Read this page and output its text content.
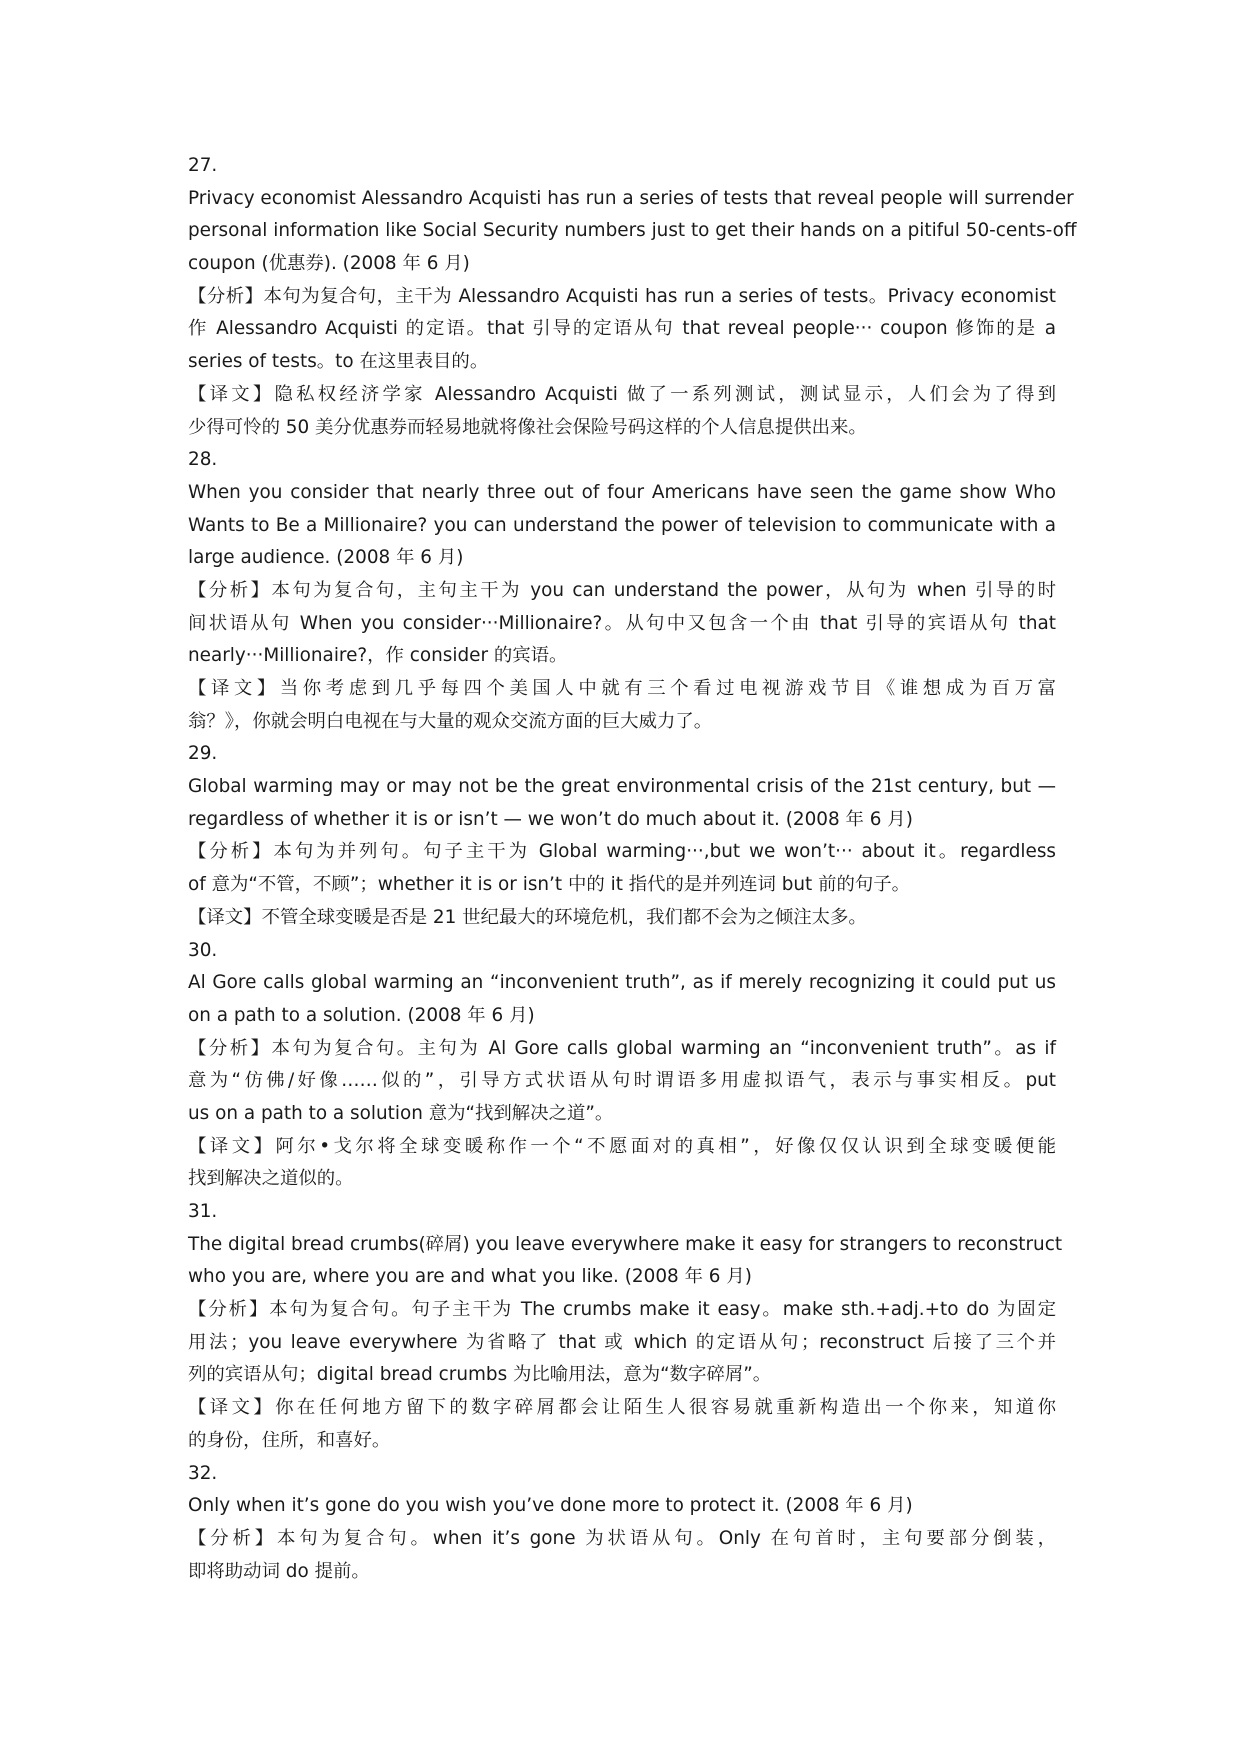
27.
Privacy economist Alessandro Acquisti has run a series of tests that reveal people will surrender
personal information like Social Security numbers just to get their hands on a pitiful 50-cents-off
coupon (优惠券). (2008 年 6 月)
【分析】本句为复合句，主干为 Alessandro Acquisti has run a series of tests。Privacy economist
作 Alessandro Acquisti 的定语。that 引导的定语从句 that reveal people··· coupon 修饰的是 a
series of tests。to 在这里表目的。
【译文】隐私权经济学家 Alessandro Acquisti 做了一系列测试，测试显示，人们会为了得到
少得可怜的 50 美分优惠券而轻易地就将像社会保险号码这样的个人信息提供出来。
28.
When you consider that nearly three out of four Americans have seen the game show Who
Wants to Be a Millionaire? you can understand the power of television to communicate with a
large audience. (2008 年 6 月)
【分析】本句为复合句，主句主干为 you can understand the power，从句为 when 引导的时
间状语从句 When you consider···Millionaire?。从句中又包含一个由 that 引导的宾语从句 that
nearly···Millionaire?，作 consider 的宾语。
【译文】当你考虑到几乎每四个美国人中就有三个看过电视游戏节目《谁想成为百万富
翁？》，你就会明白电视在与大量的观众交流方面的巨大威力了。
29.
Global warming may or may not be the great environmental crisis of the 21st century, but —
regardless of whether it is or isn’t — we won’t do much about it. (2008 年 6 月)
【分析】本句为并列句。句子主干为 Global warming···,but we won’t··· about it。regardless
of 意为“不管，不顾”；whether it is or isn’t 中的 it 指代的是并列连词 but 前的句子。
【译文】不管全球变暖是否是 21 世纪最大的环境危机，我们都不会为之倾注太多。
30.
Al Gore calls global warming an “inconvenient truth”, as if merely recognizing it could put us
on a path to a solution. (2008 年 6 月)
【分析】本句为复合句。主句为 Al Gore calls global warming an “inconvenient truth”。as if
意为“仿佛/好像……似的”，引导方式状语从句时谓语多用虚拟语气，表示与事实相反。put
us on a path to a solution 意为“找到解决之道”。
【译文】阿尔•戈尔将全球变暖称作一个“不愿面对的真相”，好像仅仅认识到全球变暖便能
找到解决之道似的。
31.
The digital bread crumbs(碎屑) you leave everywhere make it easy for strangers to reconstruct
who you are, where you are and what you like. (2008 年 6 月)
【分析】本句为复合句。句子主干为 The crumbs make it easy。make sth.+adj.+to do 为固定
用法；you leave everywhere 为省略了 that 或 which 的定语从句；reconstruct 后接了三个并
列的宾语从句；digital bread crumbs 为比喻用法，意为“数字碎屑”。
【译文】你在任何地方留下的数字碎屑都会让陌生人很容易就重新构造出一个你来，知道你
的身份，住所，和喜好。
32.
Only when it’s gone do you wish you’ve done more to protect it. (2008 年 6 月)
【分析】本句为复合句。when it’s gone 为状语从句。Only 在句首时，主句要部分倒装，
即将助动词 do 提前。
